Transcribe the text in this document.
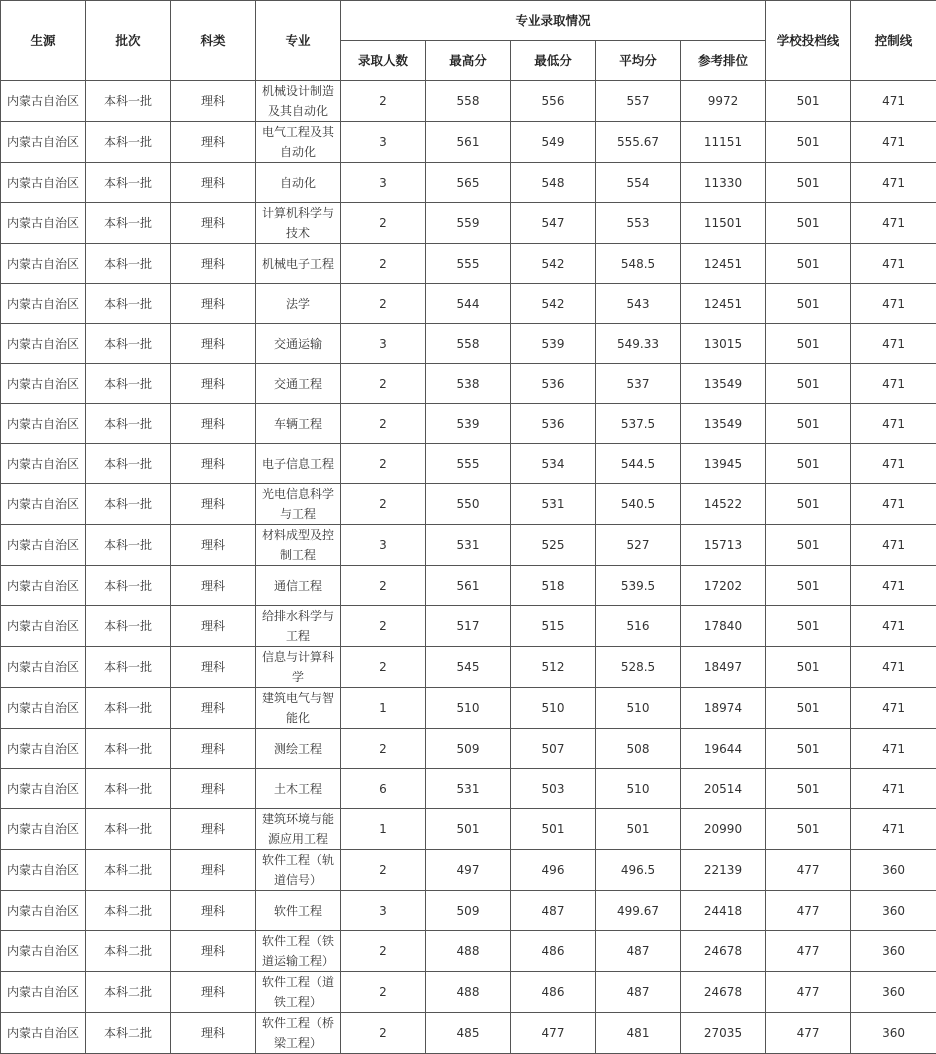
生源	批次	科类	专业	专业录取情况					学校投档线	控制线
				录取人数	最高分	最低分	平均分	参考排位		
内蒙古自治区	本科一批	理科	机械设计制造及其自动化	2	558	556	557	9972	501	471
内蒙古自治区	本科一批	理科	电气工程及其自动化	3	561	549	555.67	11151	501	471
内蒙古自治区	本科一批	理科	自动化	3	565	548	554	11330	501	471
内蒙古自治区	本科一批	理科	计算机科学与技术	2	559	547	553	11501	501	471
内蒙古自治区	本科一批	理科	机械电子工程	2	555	542	548.5	12451	501	471
内蒙古自治区	本科一批	理科	法学	2	544	542	543	12451	501	471
内蒙古自治区	本科一批	理科	交通运输	3	558	539	549.33	13015	501	471
内蒙古自治区	本科一批	理科	交通工程	2	538	536	537	13549	501	471
内蒙古自治区	本科一批	理科	车辆工程	2	539	536	537.5	13549	501	471
内蒙古自治区	本科一批	理科	电子信息工程	2	555	534	544.5	13945	501	471
内蒙古自治区	本科一批	理科	光电信息科学与工程	2	550	531	540.5	14522	501	471
内蒙古自治区	本科一批	理科	材料成型及控制工程	3	531	525	527	15713	501	471
内蒙古自治区	本科一批	理科	通信工程	2	561	518	539.5	17202	501	471
内蒙古自治区	本科一批	理科	给排水科学与工程	2	517	515	516	17840	501	471
内蒙古自治区	本科一批	理科	信息与计算科学	2	545	512	528.5	18497	501	471
内蒙古自治区	本科一批	理科	建筑电气与智能化	1	510	510	510	18974	501	471
内蒙古自治区	本科一批	理科	测绘工程	2	509	507	508	19644	501	471
内蒙古自治区	本科一批	理科	土木工程	6	531	503	510	20514	501	471
内蒙古自治区	本科一批	理科	建筑环境与能源应用工程	1	501	501	501	20990	501	471
内蒙古自治区	本科二批	理科	软件工程（轨道信号）	2	497	496	496.5	22139	477	360
内蒙古自治区	本科二批	理科	软件工程	3	509	487	499.67	24418	477	360
内蒙古自治区	本科二批	理科	软件工程（铁道运输工程）	2	488	486	487	24678	477	360
内蒙古自治区	本科二批	理科	软件工程（道铁工程）	2	488	486	487	24678	477	360
内蒙古自治区	本科二批	理科	软件工程（桥梁工程）	2	485	477	481	27035	477	360
